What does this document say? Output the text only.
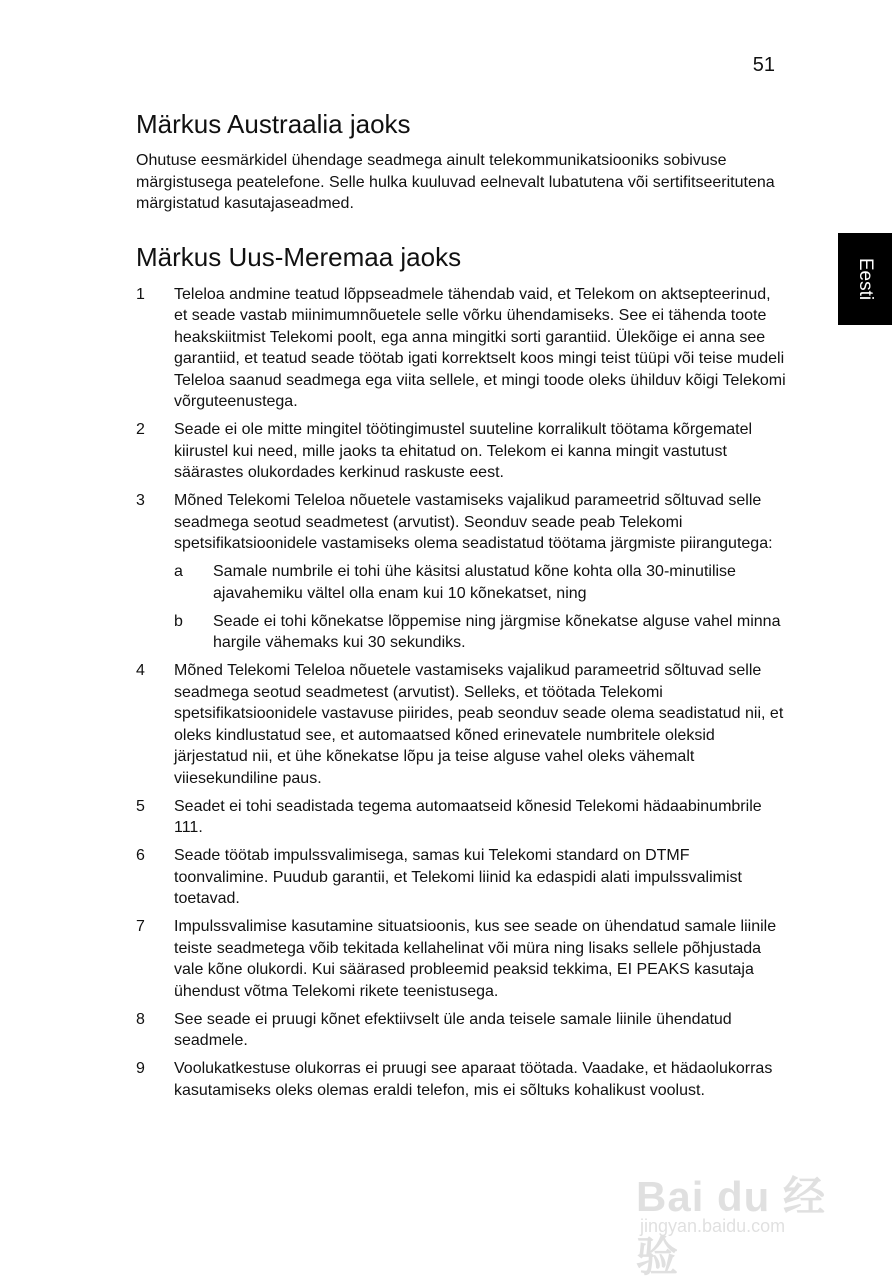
51
Eesti
Märkus Austraalia jaoks

Ohutuse eesmärkidel ühendage seadmega ainult telekommunikatsiooniks sobivuse märgistusega peatelefone. Selle hulka kuuluvad eelnevalt lubatutena või sertifitseeritutena märgistatud kasutajaseadmed.

Märkus Uus-Meremaa jaoks
1	Teleloa andmine teatud lõppseadmele tähendab vaid, et Telekom on aktsepteerinud, et seade vastab miinimumnõuetele selle võrku ühendamiseks. See ei tähenda toote heakskiitmist Telekomi poolt, ega anna mingitki sorti garantiid. Ülekõige ei anna see garantiid, et teatud seade töötab igati korrektselt koos mingi teist tüüpi või teise mudeli Teleloa saanud seadmega ega viita sellele, et mingi toode oleks ühilduv kõigi Telekomi võrguteenustega.
2	Seade ei ole mitte mingitel töötingimustel suuteline korralikult töötama kõrgematel kiirustel kui need, mille jaoks ta ehitatud on. Telekom ei kanna mingit vastutust säärastes olukordades kerkinud raskuste eest.
3	Mõned Telekomi Teleloa nõuetele vastamiseks vajalikud parameetrid sõltuvad selle seadmega seotud seadmetest (arvutist). Seonduv seade peab Telekomi spetsifikatsioonidele vastamiseks olema seadistatud töötama järgmiste piirangutega:
a	Samale numbrile ei tohi ühe käsitsi alustatud kõne kohta olla 30-minutilise ajavahemiku vältel olla enam kui 10 kõnekatset, ning
b	Seade ei tohi kõnekatse lõppemise ning järgmise kõnekatse alguse vahel minna hargile vähemaks kui 30 sekundiks.
4	Mõned Telekomi Teleloa nõuetele vastamiseks vajalikud parameetrid sõltuvad selle seadmega seotud seadmetest (arvutist). Selleks, et töötada Telekomi spetsifikatsioonidele vastavuse piirides, peab seonduv seade olema seadistatud nii, et oleks kindlustatud see, et automaatsed kõned erinevatele numbritele oleksid järjestatud nii, et ühe kõnekatse lõpu ja teise alguse vahel oleks vähemalt viiesekundiline paus.
5	Seadet ei tohi seadistada tegema automaatseid kõnesid Telekomi hädaabinumbrile 111.
6	Seade töötab impulssvalimisega, samas kui Telekomi standard on DTMF toonvalimine. Puudub garantii, et Telekomi liinid ka edaspidi alati impulssvalimist toetavad.
7	Impulssvalimise kasutamine situatsioonis, kus see seade on ühendatud samale liinile teiste seadmetega võib tekitada kellahelinat või müra ning lisaks sellele põhjustada vale kõne olukordi. Kui säärased probleemid peaksid tekkima, EI PEAKS kasutaja ühendust võtma Telekomi rikete teenistusega.
8	See seade ei pruugi kõnet efektiivselt üle anda teisele samale liinile ühendatud seadmele.
9	Voolukatkestuse olukorras ei pruugi see aparaat töötada. Vaadake, et hädaolukorras kasutamiseks oleks olemas eraldi telefon, mis ei sõltuks kohalikust voolust.
Bai du 经验
jingyan.baidu.com
